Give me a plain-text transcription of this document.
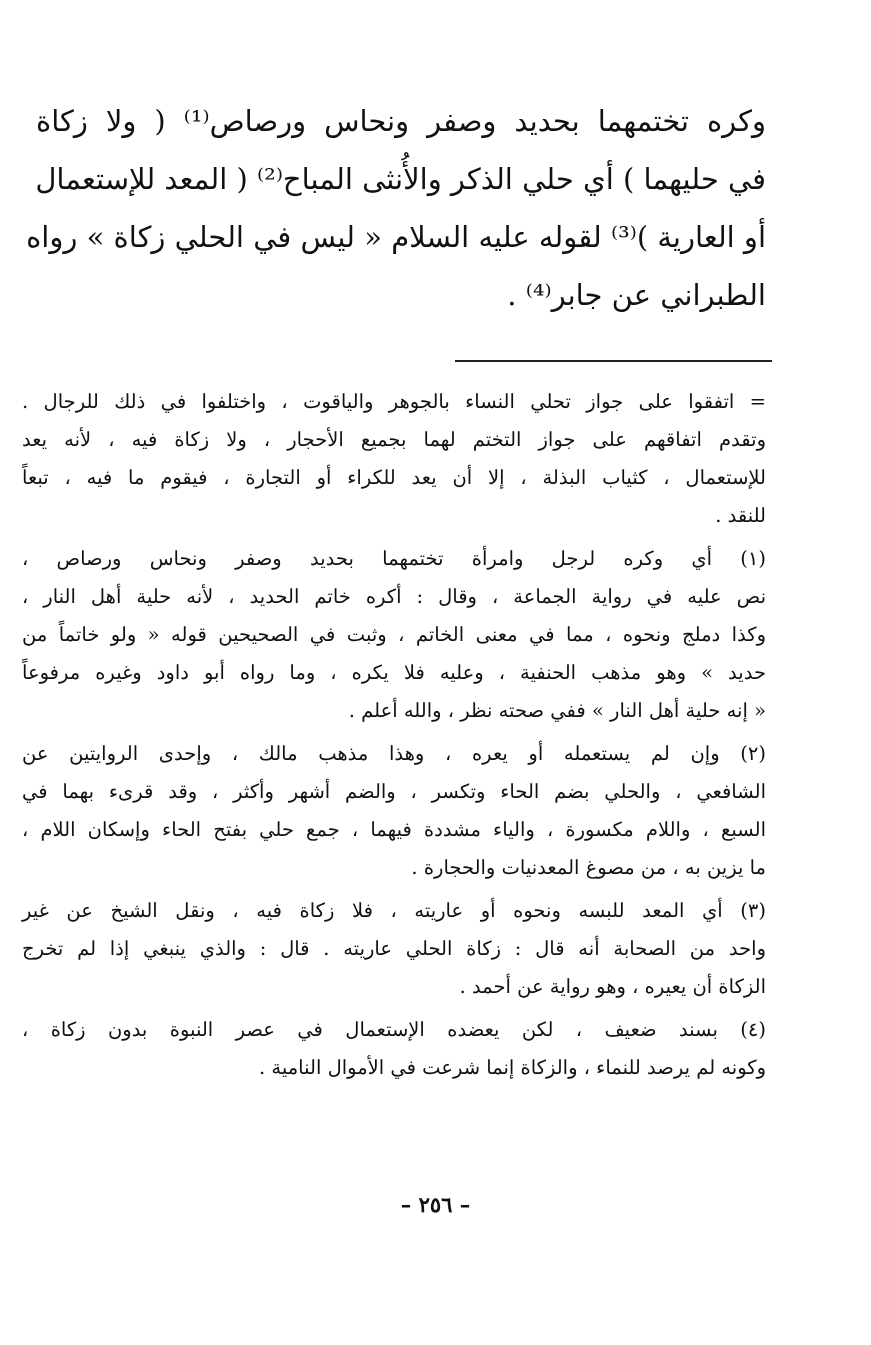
وكره تختمهما بحديد وصفر ونحاس ورصاص⁽¹⁾ ( ولا زكاة
في حليهما ) أي حلي الذكر والأُنثى المباح⁽²⁾ ( المعد للإستعمال
أو العارية )⁽³⁾ لقوله عليه السلام « ليس في الحلي زكاة » رواه
الطبراني عن جابر⁽⁴⁾ .
= اتفقوا على جواز تحلي النساء بالجوهر والياقوت ، واختلفوا في ذلك للرجال .
وتقدم اتفاقهم على جواز التختم لهما بجميع الأحجار ، ولا زكاة فيه ، لأنه يعد
للإستعمال ، كثياب البذلة ، إلا أن يعد للكراء أو التجارة ، فيقوم ما فيه ، تبعاً
للنقد .
(١) أي وكره لرجل وامرأة تختمهما بحديد وصفر ونحاس ورصاص ،
نص عليه في رواية الجماعة ، وقال : أكره خاتم الحديد ، لأنه حلية أهل النار ،
وكذا دملج ونحوه ، مما في معنى الخاتم ، وثبت في الصحيحين قوله « ولو خاتماً من
حديد » وهو مذهب الحنفية ، وعليه فلا يكره ، وما رواه أبو داود وغيره مرفوعاً
« إنه حلية أهل النار » ففي صحته نظر ، والله أعلم .
(٢) وإن لم يستعمله أو يعره ، وهذا مذهب مالك ، وإحدى الروايتين عن
الشافعي ، والحلي بضم الحاء وتكسر ، والضم أشهر وأكثر ، وقد قرىء بهما في
السبع ، واللام مكسورة ، والياء مشددة فيهما ، جمع حلي بفتح الحاء وإسكان اللام ،
ما يزين به ، من مصوغ المعدنيات والحجارة .
(٣) أي المعد للبسه ونحوه أو عاريته ، فلا زكاة فيه ، ونقل الشيخ عن غير
واحد من الصحابة أنه قال : زكاة الحلي عاريته . قال : والذي ينبغي إذا لم تخرج
الزكاة أن يعيره ، وهو رواية عن أحمد .
(٤) بسند ضعيف ، لكن يعضده الإستعمال في عصر النبوة بدون زكاة ،
وكونه لم يرصد للنماء ، والزكاة إنما شرعت في الأموال النامية .
– ٢٥٦ –
